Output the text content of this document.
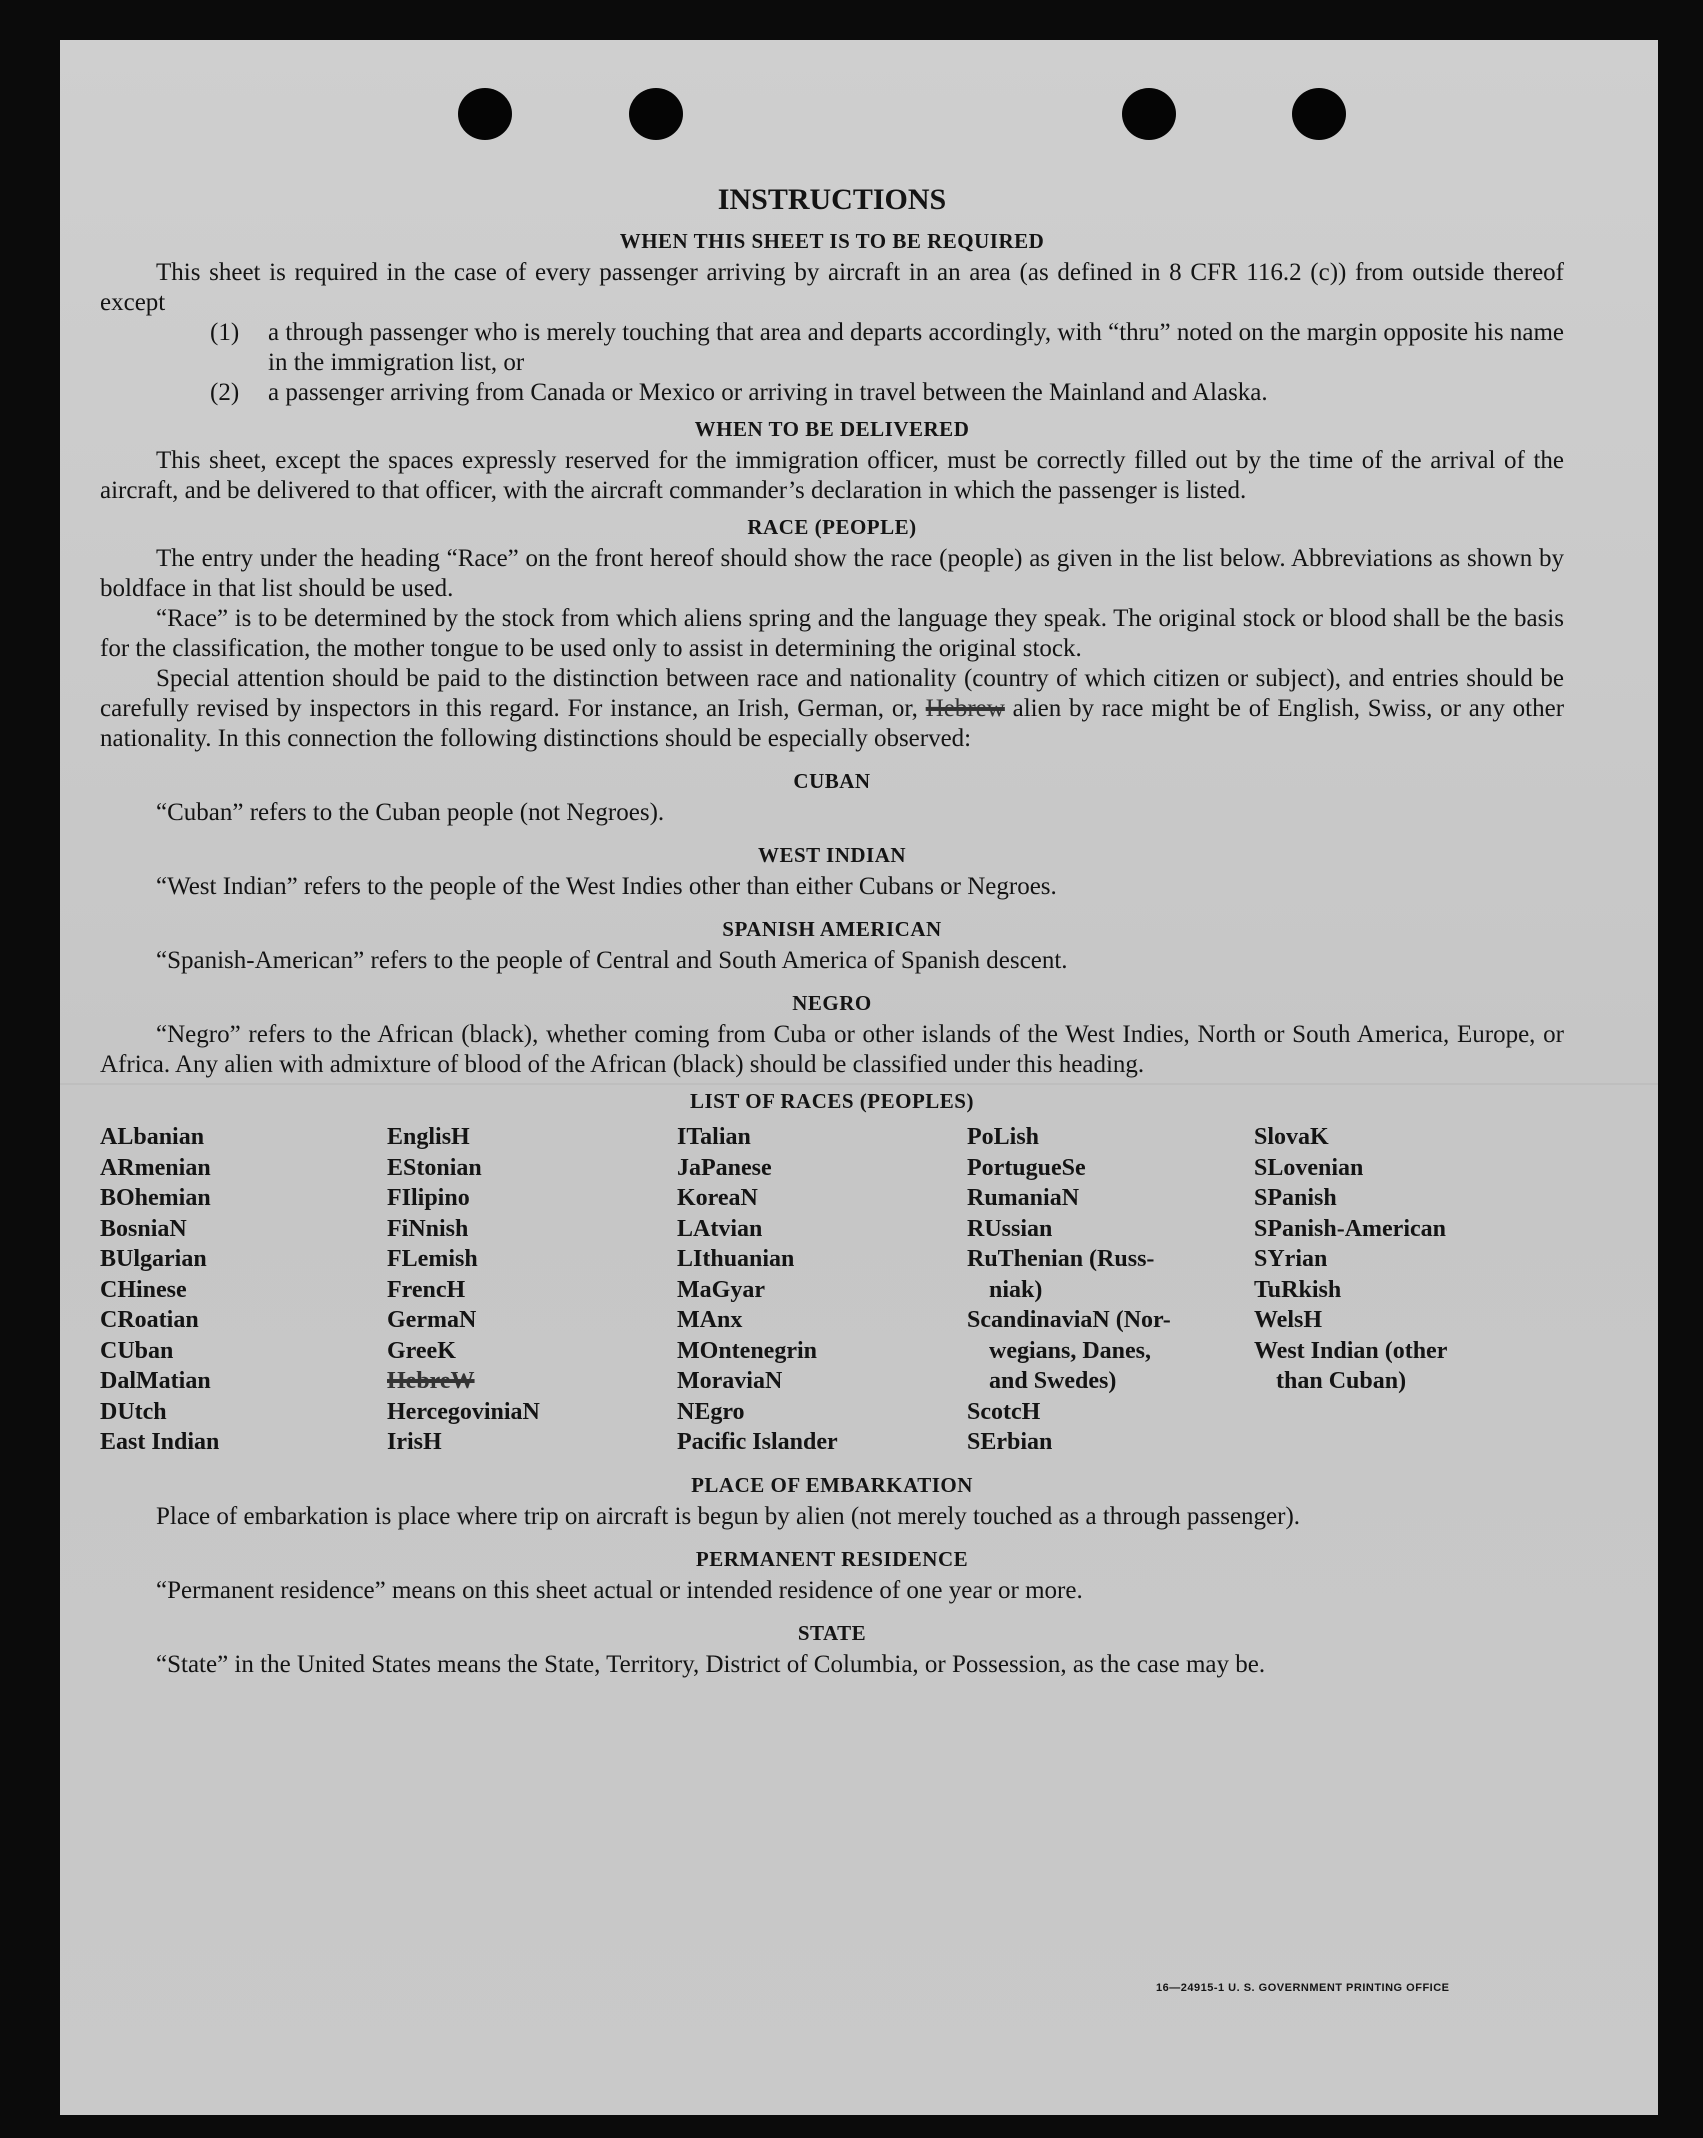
INSTRUCTIONS
WHEN THIS SHEET IS TO BE REQUIRED

This sheet is required in the case of every passenger arriving by aircraft in an area (as defined in 8 CFR 116.2 (c)) from outside thereof except

(1)	a through passenger who is merely touching that area and departs accordingly, with “thru” noted on the margin opposite his name in the immigration list, or
(2)	a passenger arriving from Canada or Mexico or arriving in travel between the Mainland and Alaska.
WHEN TO BE DELIVERED

This sheet, except the spaces expressly reserved for the immigration officer, must be correctly filled out by the time of the arrival of the aircraft, and be delivered to that officer, with the aircraft commander’s declaration in which the passenger is listed.

RACE (PEOPLE)

The entry under the heading “Race” on the front hereof should show the race (people) as given in the list below. Abbreviations as shown by boldface in that list should be used.

“Race” is to be determined by the stock from which aliens spring and the language they speak. The original stock or blood shall be the basis for the classification, the mother tongue to be used only to assist in determining the original stock.

Special attention should be paid to the distinction between race and nationality (country of which citizen or subject), and entries should be carefully revised by inspectors in this regard. For instance, an Irish, German, or, Hebrew alien by race might be of English, Swiss, or any other nationality. In this connection the following distinctions should be especially observed:

CUBAN

“Cuban” refers to the Cuban people (not Negroes).

WEST INDIAN

“West Indian” refers to the people of the West Indies other than either Cubans or Negroes.

SPANISH AMERICAN

“Spanish-American” refers to the people of Central and South America of Spanish descent.

NEGRO

“Negro” refers to the African (black), whether coming from Cuba or other islands of the West Indies, North or South America, Europe, or Africa. Any alien with admixture of blood of the African (black) should be classified under this heading.

LIST OF RACES (PEOPLES)
ALbanian
ARmenian
BOhemian
BosniaN
BUlgarian
CHinese
CRoatian
CUban
DalMatian
DUtch
East Indian
EnglisH
EStonian
FIlipino
FiNnish
FLemish
FrencH
GermaN
GreeK
HebreW
HercegoviniaN
IrisH
ITalian
JaPanese
KoreaN
LAtvian
LIthuanian
MaGyar
MAnx
MOntenegrin
MoraviaN
NEgro
Pacific Islander
PoLish
PortugueSe
RumaniaN
RUssian
RuThenian (Russ-
niak)
ScandinaviaN (Nor-
wegians, Danes,
and Swedes)
ScotcH
SErbian
SlovaK
SLovenian
SPanish
SPanish-American
SYrian
TuRkish
WelsH
West Indian (other
than Cuban)
PLACE OF EMBARKATION

Place of embarkation is place where trip on aircraft is begun by alien (not merely touched as a through passenger).

PERMANENT RESIDENCE

“Permanent residence” means on this sheet actual or intended residence of one year or more.

STATE

“State” in the United States means the State, Territory, District of Columbia, or Possession, as the case may be.

16—24915-1 U. S. GOVERNMENT PRINTING OFFICE
